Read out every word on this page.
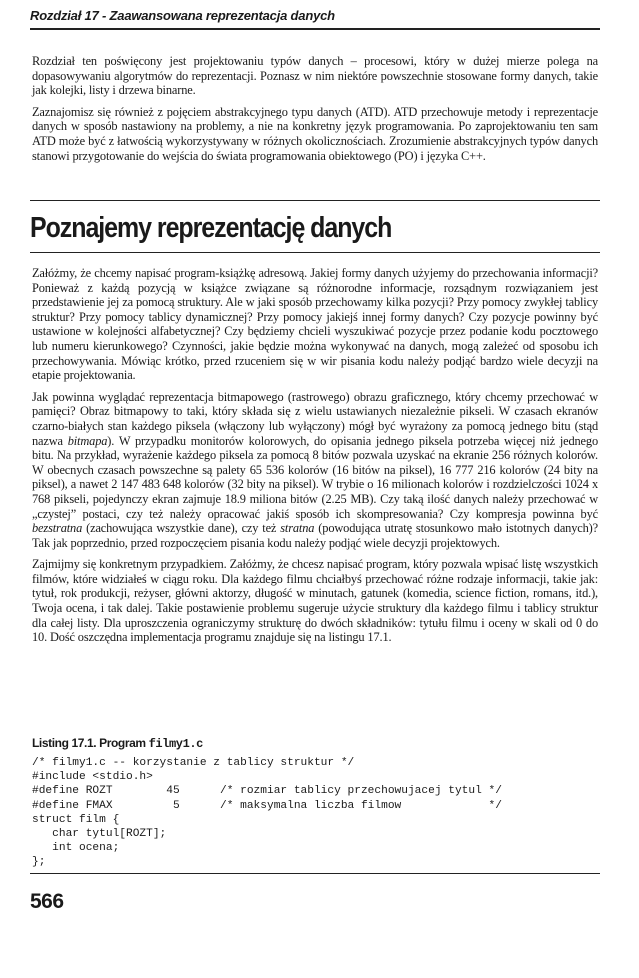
Rozdział 17 - Zaawansowana reprezentacja danych

Rozdział ten poświęcony jest projektowaniu typów danych – procesowi, który w dużej mierze polega na dopasowywaniu algorytmów do reprezentacji. Poznasz w nim niektóre powszechnie stosowane formy danych, takie jak kolejki, listy i drzewa binarne.

Zaznajomisz się również z pojęciem abstrakcyjnego typu danych (ATD). ATD przechowuje metody i reprezentacje danych w sposób nastawiony na problemy, a nie na konkretny język programowania. Po zaprojektowaniu ten sam ATD może być z łatwością wykorzystywany w różnych okolicznościach. Zrozumienie abstrakcyjnych typów danych stanowi przygotowanie do wejścia do świata programowania obiektowego (PO) i języka C++.

Poznajemy reprezentację danych

Załóżmy, że chcemy napisać program-książkę adresową. Jakiej formy danych użyjemy do przechowania informacji? Ponieważ z każdą pozycją w książce związane są różnorodne informacje, rozsądnym rozwiązaniem jest przedstawienie jej za pomocą struktury. Ale w jaki sposób przechowamy kilka pozycji? Przy pomocy zwykłej tablicy struktur? Przy pomocy tablicy dynamicznej? Przy pomocy jakiejś innej formy danych? Czy pozycje powinny być ustawione w kolejności alfabetycznej? Czy będziemy chcieli wyszukiwać pozycje przez podanie kodu pocztowego lub numeru kierunkowego? Czynności, jakie będzie można wykonywać na danych, mogą zależeć od sposobu ich przechowywania. Mówiąc krótko, przed rzuceniem się w wir pisania kodu należy podjąć bardzo wiele decyzji na etapie projektowania.

Jak powinna wyglądać reprezentacja bitmapowego (rastrowego) obrazu graficznego, który chcemy przechować w pamięci? Obraz bitmapowy to taki, który składa się z wielu ustawianych niezależnie pikseli. W czasach ekranów czarno-białych stan każdego piksela (włączony lub wyłączony) mógł być wyrażony za pomocą jednego bitu (stąd nazwa bitmapa). W przypadku monitorów kolorowych, do opisania jednego piksela potrzeba więcej niż jednego bitu. Na przykład, wyrażenie każdego piksela za pomocą 8 bitów pozwala uzyskać na ekranie 256 różnych kolorów. W obecnych czasach powszechne są palety 65 536 kolorów (16 bitów na piksel), 16 777 216 kolorów (24 bity na piksel), a nawet 2 147 483 648 kolorów (32 bity na piksel). W trybie o 16 milionach kolorów i rozdzielczości 1024 x 768 pikseli, pojedynczy ekran zajmuje 18.9 miliona bitów (2.25 MB). Czy taką ilość danych należy przechować w „czystej” postaci, czy też należy opracować jakiś sposób ich skompresowania? Czy kompresja powinna być bezstratna (zachowująca wszystkie dane), czy też stratna (powodująca utratę stosunkowo mało istotnych danych)? Tak jak poprzednio, przed rozpoczęciem pisania kodu należy podjąć wiele decyzji projektowych.

Zajmijmy się konkretnym przypadkiem. Załóżmy, że chcesz napisać program, który pozwala wpisać listę wszystkich filmów, które widziałeś w ciągu roku. Dla każdego filmu chciałbyś przechować różne rodzaje informacji, takie jak: tytuł, rok produkcji, reżyser, główni aktorzy, długość w minutach, gatunek (komedia, science fiction, romans, itd.), Twoja ocena, i tak dalej. Takie postawienie problemu sugeruje użycie struktury dla każdego filmu i tablicy struktur dla całej listy. Dla uproszczenia ograniczymy strukturę do dwóch składników: tytułu filmu i oceny w skali od 0 do 10. Dość oszczędna implementacja programu znajduje się na listingu 17.1.

Listing 17.1. Program filmy1.c
/* filmy1.c -- korzystanie z tablicy struktur */
#include <stdio.h>
#define ROZT        45      /* rozmiar tablicy przechowujacej tytul */
#define FMAX         5      /* maksymalna liczba filmow             */
struct film {
char tytul[ROZT];
int ocena;
};
566
